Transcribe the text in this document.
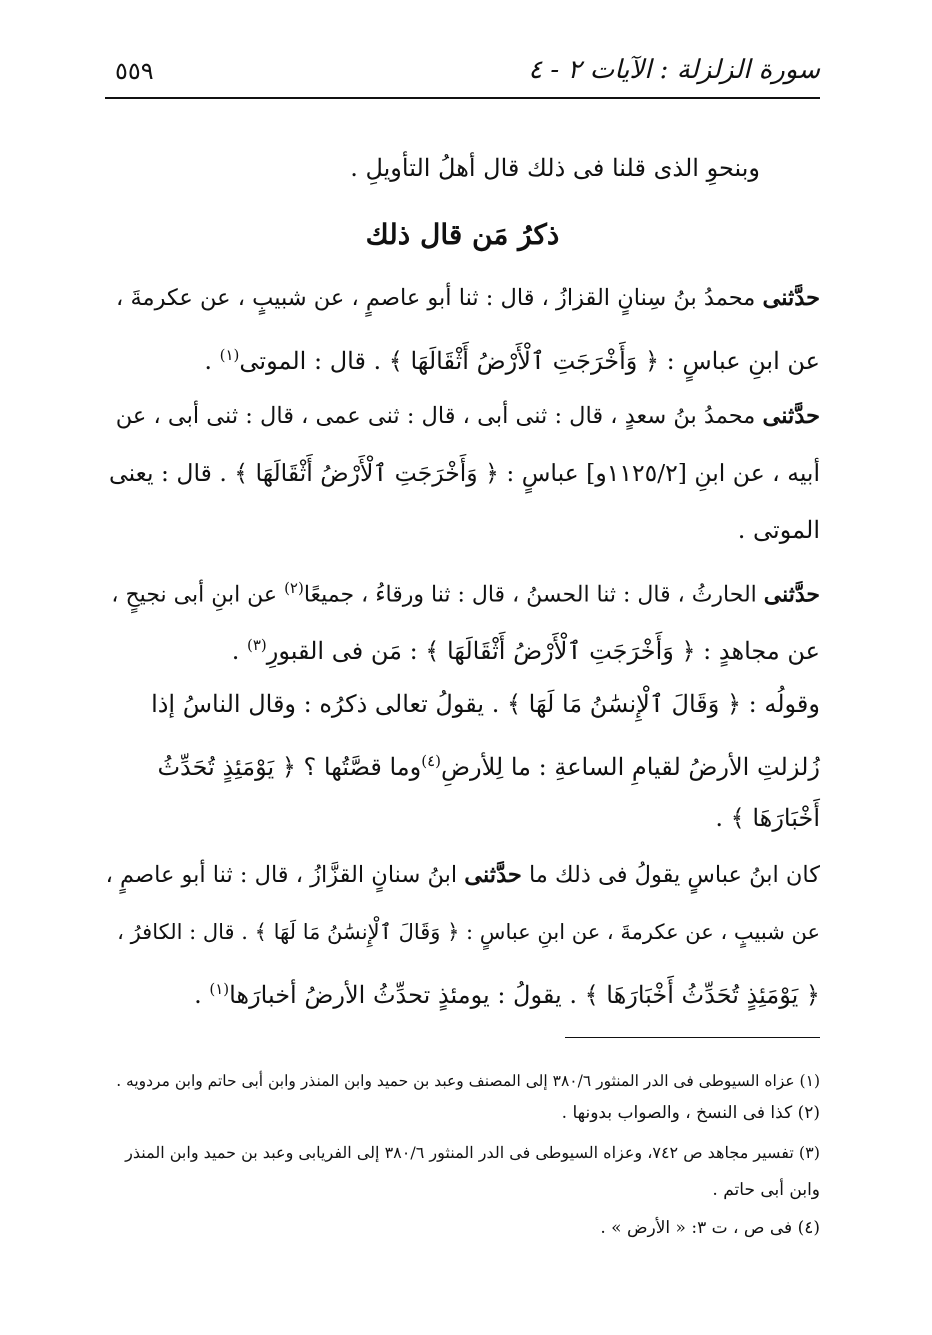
سورة الزلزلة : الآيات ٢ - ٤
٥٥٩
وبنحوِ الذى قلنا فى ذلك قال أهلُ التأويلِ .
ذكرُ مَن قال ذلك
حدَّثنى محمدُ بنُ سِنانٍ القزازُ ، قال : ثنا أبو عاصمٍ ، عن شبيبٍ ، عن عكرمةَ ،
عن ابنِ عباسٍ : ﴿ وَأَخْرَجَتِ ٱلْأَرْضُ أَثْقَالَهَا ﴾ . قال : الموتى$^{(١)}$ .
حدَّثنى محمدُ بنُ سعدٍ ، قال : ثنى أبى ، قال : ثنى عمى ، قال : ثنى أبى ، عن
أبيه ، عن ابنِ [١١٢٥/٢و] عباسٍ : ﴿ وَأَخْرَجَتِ ٱلْأَرْضُ أَثْقَالَهَا ﴾ . قال : يعنى
الموتى .
حدَّثنى الحارثُ ، قال : ثنا الحسنُ ، قال : ثنا ورقاءُ ، جميعًا$^{(٢)}$ عن ابنِ أبى نجيحٍ ،
عن مجاهدٍ : ﴿ وَأَخْرَجَتِ ٱلْأَرْضُ أَثْقَالَهَا ﴾ : مَن فى القبورِ$^{(٣)}$ .
وقولُه : ﴿ وَقَالَ ٱلْإِنسَٰنُ مَا لَهَا ﴾ . يقولُ تعالى ذكرُه : وقال الناسُ إذا
زُلزلتِ الأرضُ لقيامِ الساعةِ : ما لِلأرضِ$^{(٤)}$وما قصَّتُها ؟ ﴿ يَوْمَئِذٍ تُحَدِّثُ
أَخْبَارَهَا ﴾ .
كان ابنُ عباسٍ يقولُ فى ذلك ما حدَّثنى ابنُ سنانٍ القزَّازُ ، قال : ثنا أبو عاصمٍ ،
عن شبيبٍ ، عن عكرمةَ ، عن ابنِ عباسٍ : ﴿ وَقَالَ ٱلْإِنسَٰنُ مَا لَهَا ﴾ . قال : الكافرُ ،
﴿ يَوْمَئِذٍ تُحَدِّثُ أَخْبَارَهَا ﴾ . يقولُ : يومئذٍ تحدِّثُ الأرضُ أخبارَها$^{(١)}$ .
(١) عزاه السيوطى فى الدر المنثور ٣٨٠/٦ إلى المصنف وعبد بن حميد وابن المنذر وابن أبى حاتم وابن مردويه .
(٢) كذا فى النسخ ، والصواب بدونها .
(٣) تفسير مجاهد ص ٧٤٢، وعزاه السيوطى فى الدر المنثور ٣٨٠/٦ إلى الفريابى وعبد بن حميد وابن المنذر
وابن أبى حاتم .
(٤) فى ص ، ت ٣: « الأرض » .
